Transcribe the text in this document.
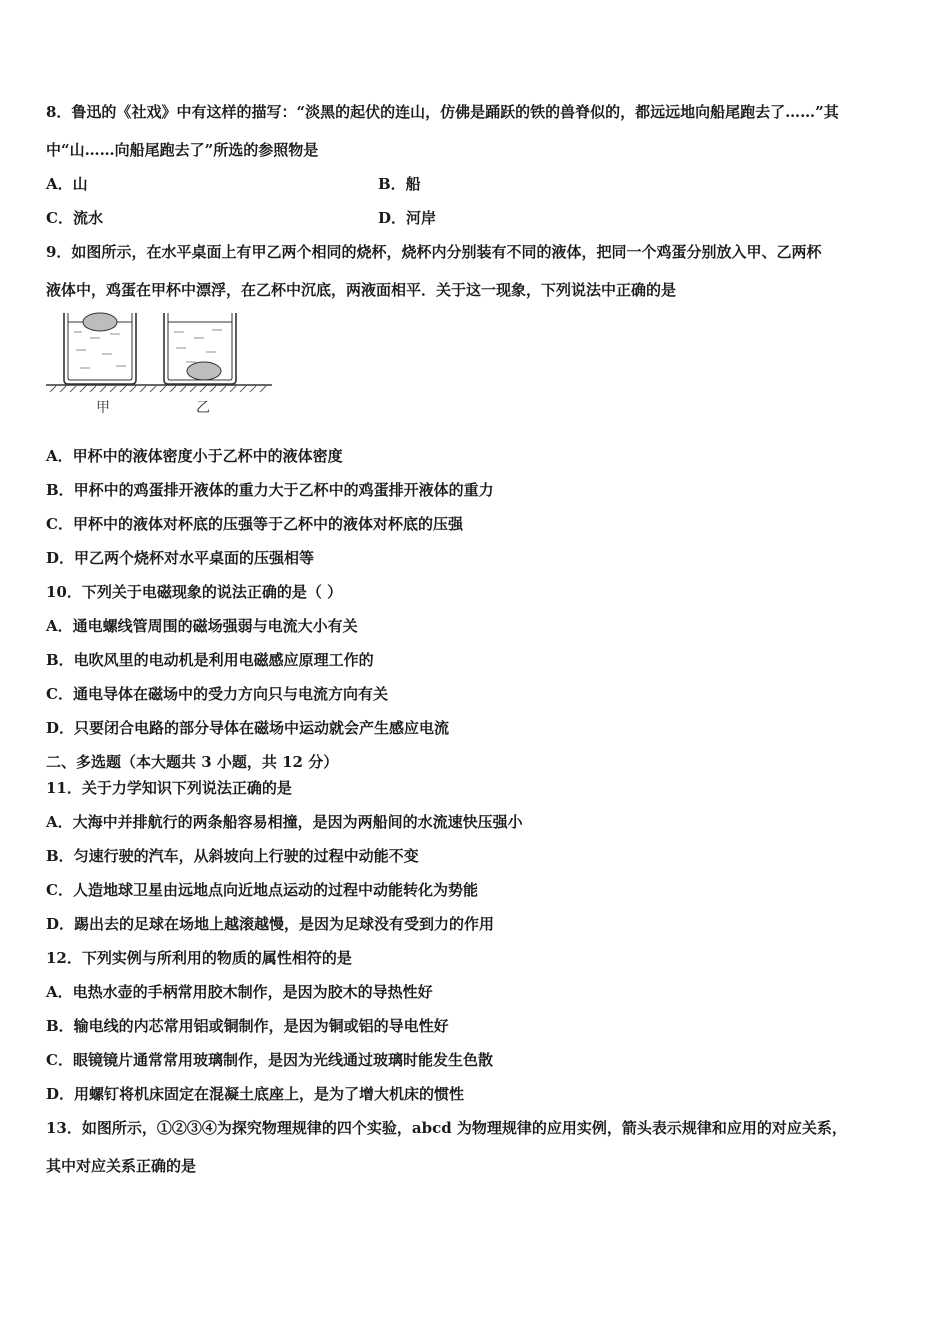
8．鲁迅的《社戏》中有这样的描写：“淡黑的起伏的连山，仿佛是踊跃的铁的兽脊似的，都远远地向船尾跑去了……”其
中“山……向船尾跑去了”所选的参照物是
A．山	B．船
C．流水	D．河岸
9．如图所示，在水平桌面上有甲乙两个相同的烧杯，烧杯内分别装有不同的液体，把同一个鸡蛋分别放入甲、乙两杯
液体中，鸡蛋在甲杯中漂浮，在乙杯中沉底，两液面相平．关于这一现象，下列说法中正确的是
甲	乙
A．甲杯中的液体密度小于乙杯中的液体密度
B．甲杯中的鸡蛋排开液体的重力大于乙杯中的鸡蛋排开液体的重力
C．甲杯中的液体对杯底的压强等于乙杯中的液体对杯底的压强
D．甲乙两个烧杯对水平桌面的压强相等
10．下列关于电磁现象的说法正确的是（ ）
A．通电螺线管周围的磁场强弱与电流大小有关
B．电吹风里的电动机是利用电磁感应原理工作的
C．通电导体在磁场中的受力方向只与电流方向有关
D．只要闭合电路的部分导体在磁场中运动就会产生感应电流
二、多选题（本大题共 3 小题，共 12 分）
11．关于力学知识下列说法正确的是
A．大海中并排航行的两条船容易相撞，是因为两船间的水流速快压强小
B．匀速行驶的汽车，从斜坡向上行驶的过程中动能不变
C．人造地球卫星由远地点向近地点运动的过程中动能转化为势能
D．踢出去的足球在场地上越滚越慢，是因为足球没有受到力的作用
12．下列实例与所利用的物质的属性相符的是
A．电热水壶的手柄常用胶木制作，是因为胶木的导热性好
B．输电线的内芯常用铝或铜制作，是因为铜或铝的导电性好
C．眼镜镜片通常常用玻璃制作，是因为光线通过玻璃时能发生色散
D．用螺钉将机床固定在混凝土底座上，是为了增大机床的惯性
13．如图所示，①②③④为探究物理规律的四个实验，abcd 为物理规律的应用实例，箭头表示规律和应用的对应关系，
其中对应关系正确的是
